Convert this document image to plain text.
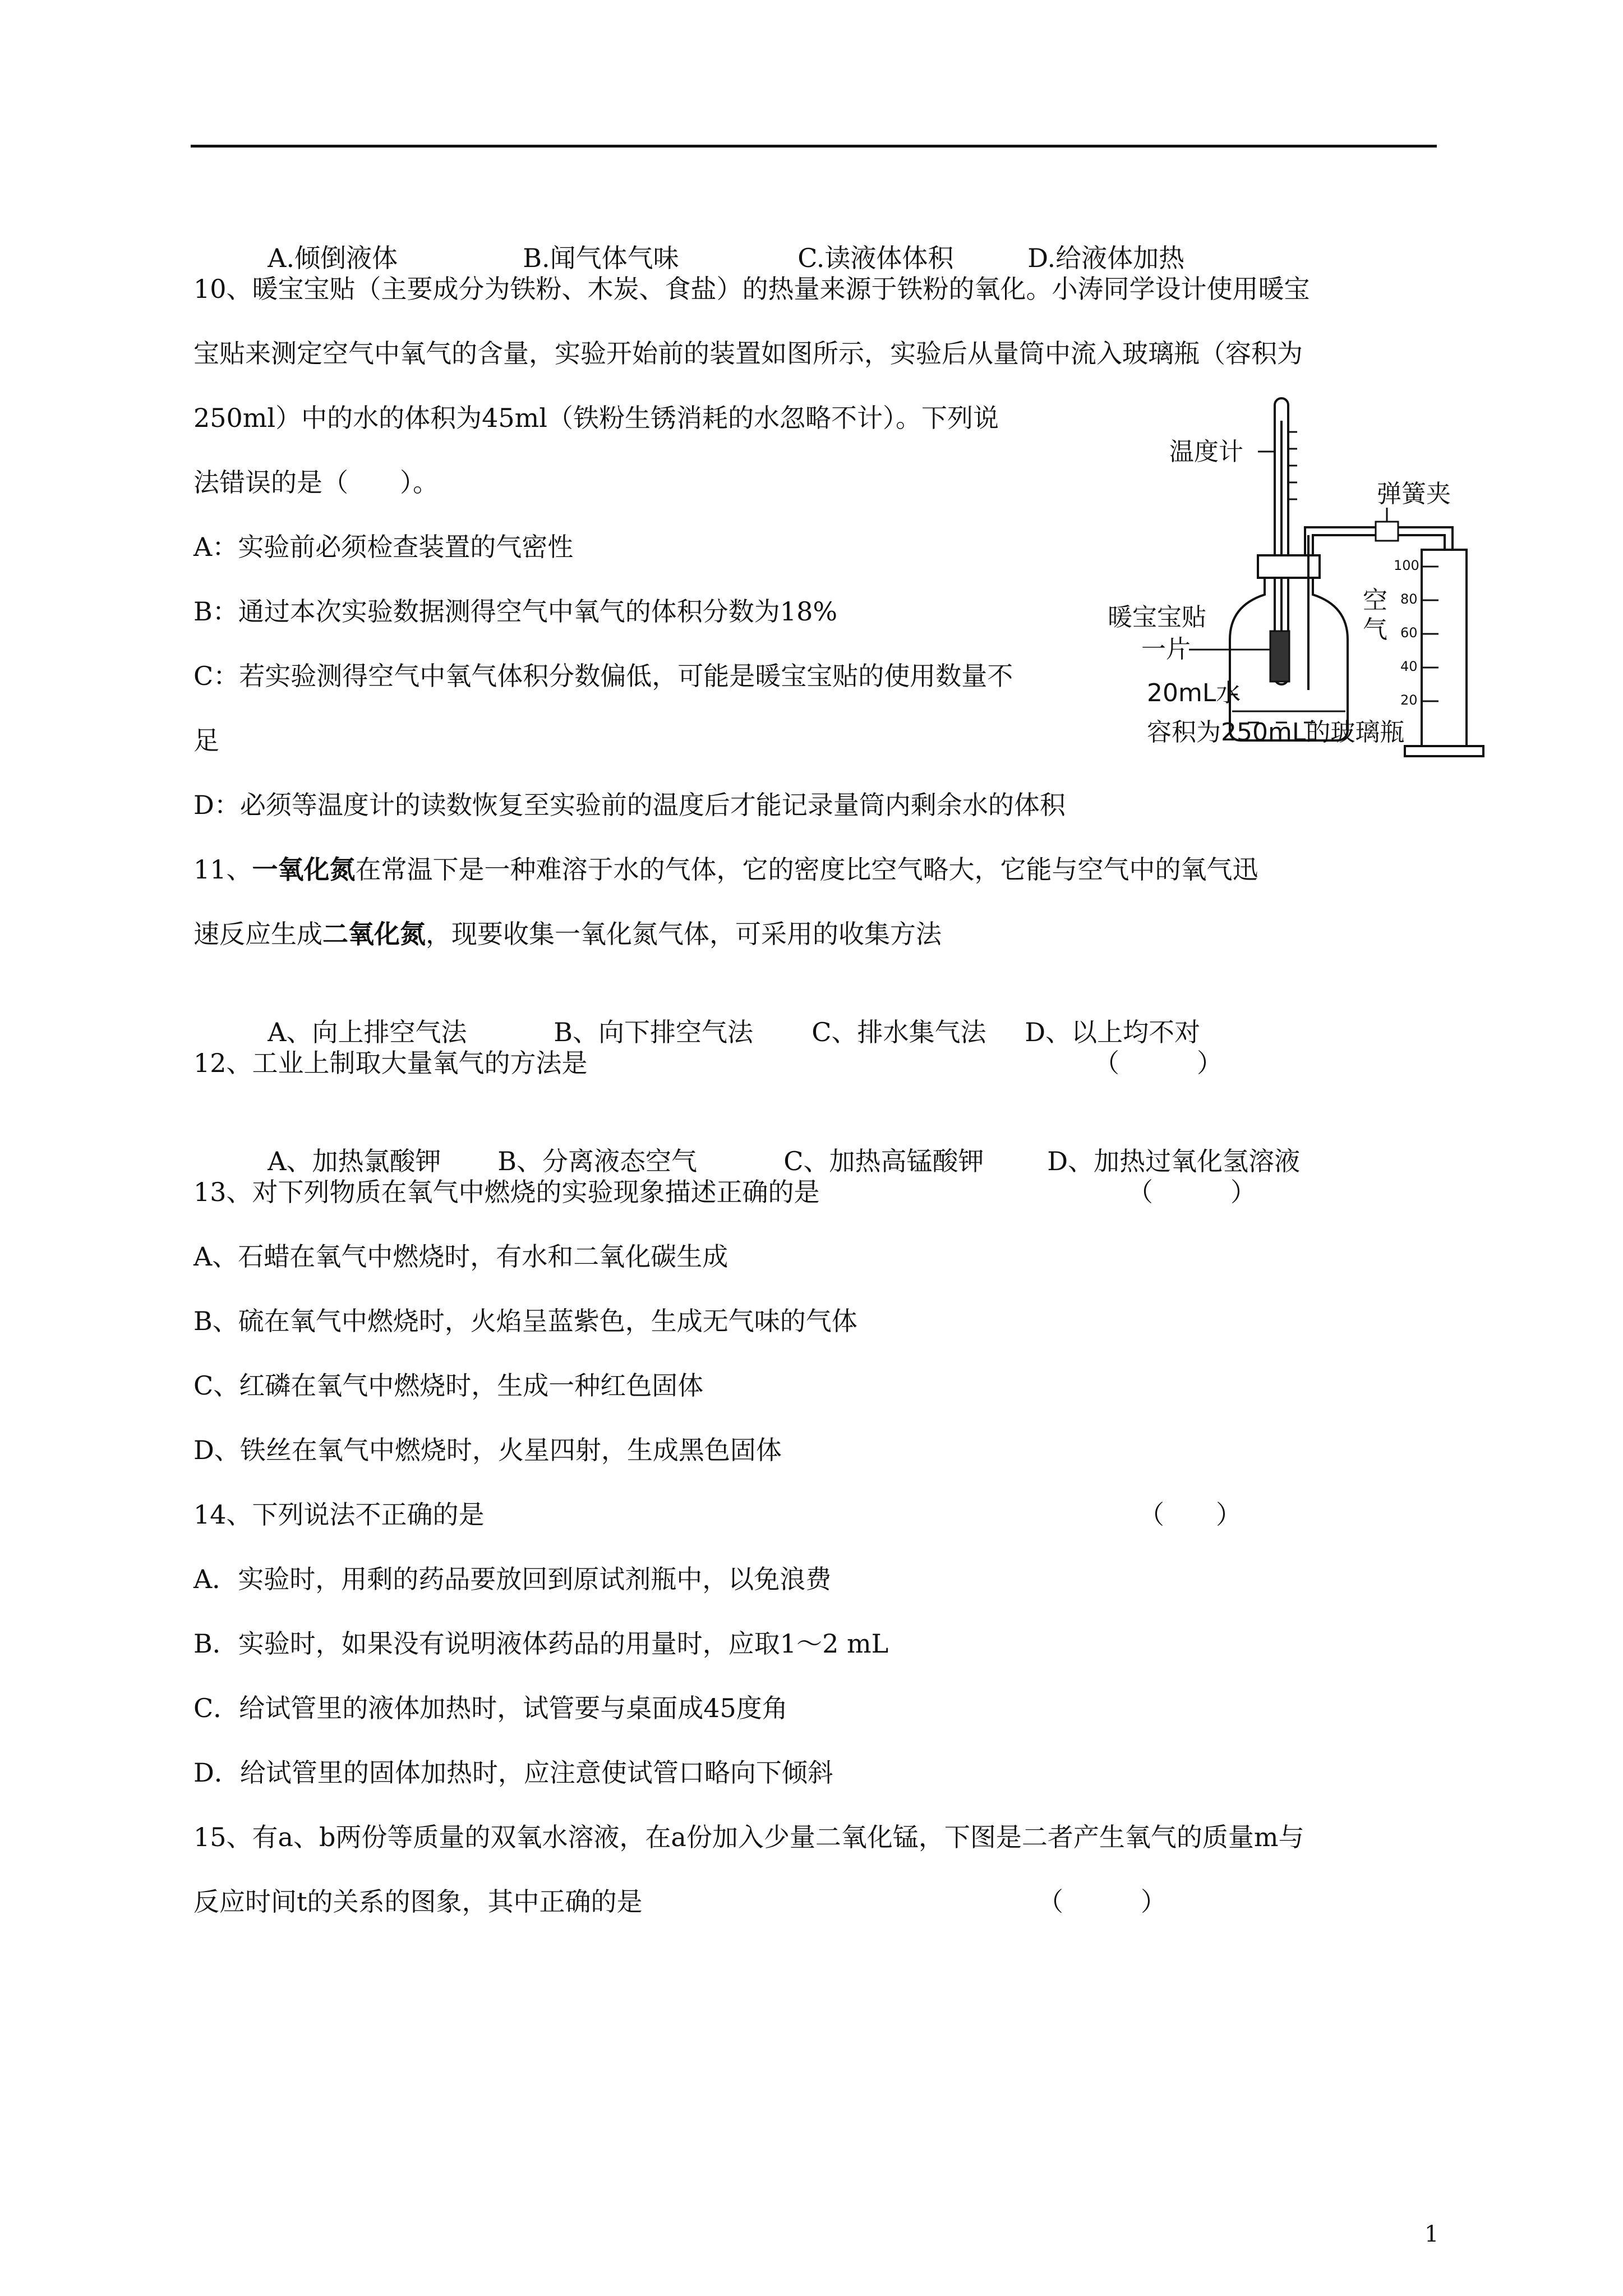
A.倾倒液体	B.闻气体气味	C.读液体体积	D.给液体加热

10、暖宝宝贴（主要成分为铁粉、木炭、食盐）的热量来源于铁粉的氧化。小涛同学设计使用暖宝
宝贴来测定空气中氧气的含量，实验开始前的装置如图所示，实验后从量筒中流入玻璃瓶（容积为
250ml）中的水的体积为45ml（铁粉生锈消耗的水忽略不计）。下列说
法错误的是（　　）。
A：实验前必须检查装置的气密性
B：通过本次实验数据测得空气中氧气的体积分数为18%
C：若实验测得空气中氧气体积分数偏低，可能是暖宝宝贴的使用数量不
足
D：必须等温度计的读数恢复至实验前的温度后才能记录量筒内剩余水的体积
100
80
60
40
20
温度计
弹簧夹
暖宝宝贴
一片
空
气
20mL水
容积为250mL的玻璃瓶
11、一氧化氮在常温下是一种难溶于水的气体，它的密度比空气略大，它能与空气中的氧气迅
速反应生成二氧化氮，现要收集一氧化氮气体，可采用的收集方法

A、向上排空气法	B、向下排空气法 C、排水集气法 D、以上均不对

12、工业上制取大量氧气的方法是	（　　　）

A、加热氯酸钾 B、分离液态空气	C、加热高锰酸钾 D、加热过氧化氢溶液

13、对下列物质在氧气中燃烧的实验现象描述正确的是	（　　　）
A、石蜡在氧气中燃烧时，有水和二氧化碳生成
B、硫在氧气中燃烧时，火焰呈蓝紫色，生成无气味的气体
C、红磷在氧气中燃烧时，生成一种红色固体
D、铁丝在氧气中燃烧时，火星四射，生成黑色固体
14、下列说法不正确的是	（　　）
A．实验时，用剩的药品要放回到原试剂瓶中，以免浪费
B．实验时，如果没有说明液体药品的用量时，应取1～2 mL
C．给试管里的液体加热时，试管要与桌面成45度角
D．给试管里的固体加热时，应注意使试管口略向下倾斜
15、有a、b两份等质量的双氧水溶液，在a份加入少量二氧化锰，下图是二者产生氧气的质量m与
反应时间t的关系的图象，其中正确的是	（　　　）
1
